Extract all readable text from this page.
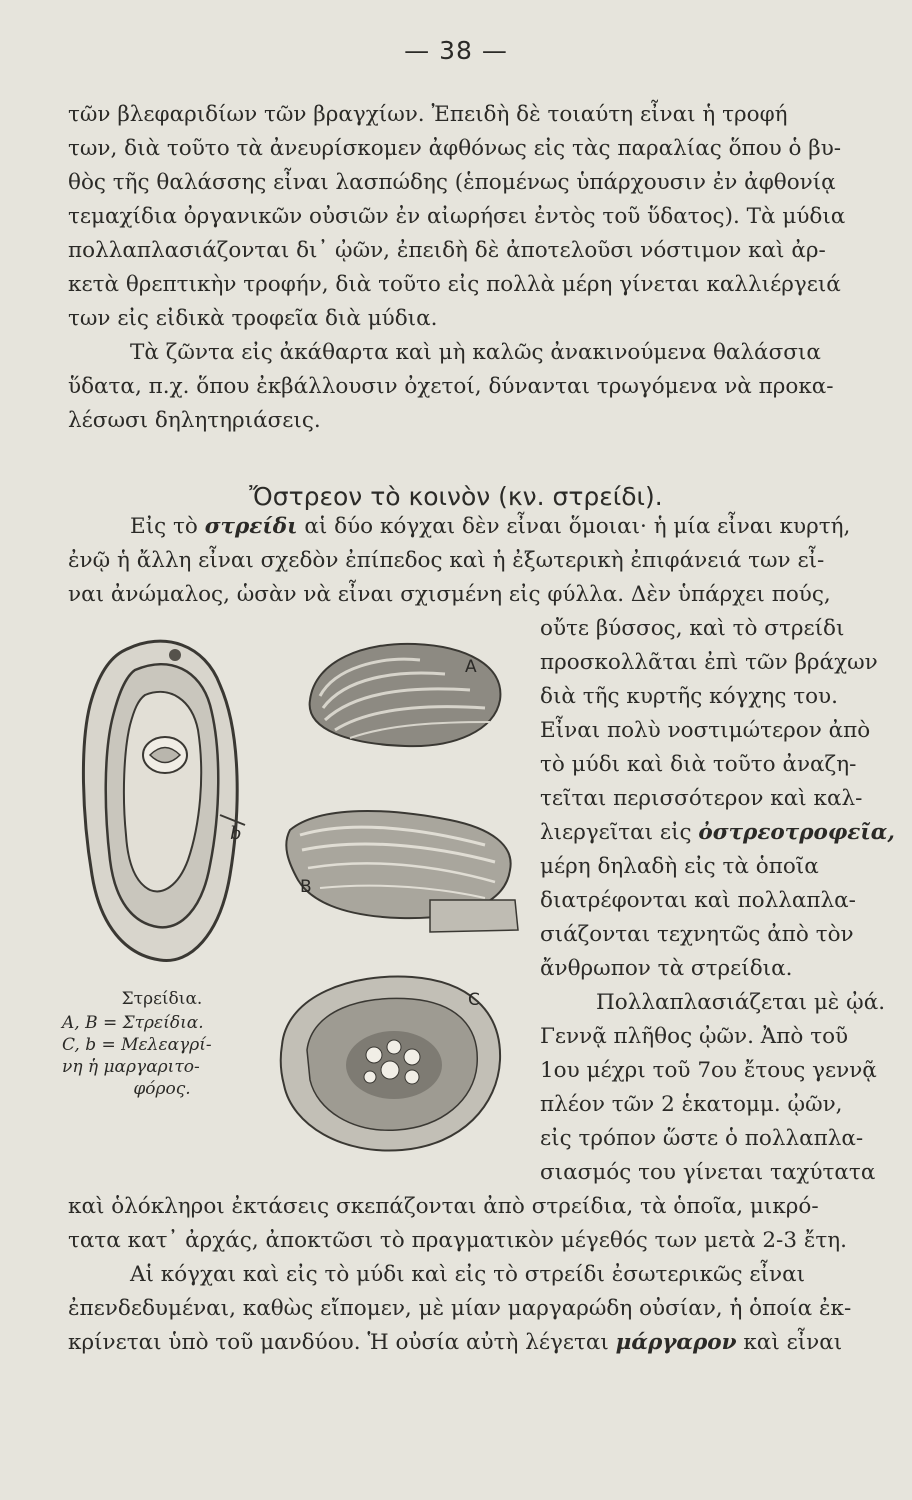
— 38 —
τῶν βλεφαριδίων τῶν βραγχίων. Ἐπειδὴ δὲ τοιαύτη εἶναι ἡ τροφή
των, διὰ τοῦτο τὰ ἀνευρίσκομεν ἀφθόνως εἰς τὰς παραλίας ὅπου ὁ βυ-
θὸς τῆς θαλάσσης εἶναι λασπώδης (ἑπομένως ὑπάρχουσιν ἐν ἀφθονίᾳ
τεμαχίδια ὀργανικῶν οὐσιῶν ἐν αἰωρήσει ἐντὸς τοῦ ὕδατος). Τὰ μύδια
πολλαπλασιάζονται δι᾽ ᾠῶν, ἐπειδὴ δὲ ἀποτελοῦσι νόστιμον καὶ ἀρ-
κετὰ θρεπτικὴν τροφήν, διὰ τοῦτο εἰς πολλὰ μέρη γίνεται καλλιέργειά
των εἰς εἰδικὰ τροφεῖα διὰ μύδια.
Τὰ ζῶντα εἰς ἀκάθαρτα καὶ μὴ καλῶς ἀνακινούμενα θαλάσσια
ὕδατα, π.χ. ὅπου ἐκβάλλουσιν ὀχετοί, δύνανται τρωγόμενα νὰ προκα-
λέσωσι δηλητηριάσεις.
Ὄστρεον τὸ κοινὸν (κν. στρείδι).
Εἰς τὸ στρείδι αἱ δύο κόγχαι δὲν εἶναι ὅμοιαι· ἡ μία εἶναι κυρτή,
ἐνῷ ἡ ἄλλη εἶναι σχεδὸν ἐπίπεδος καὶ ἡ ἐξωτερικὴ ἐπιφάνειά των εἶ-
ναι ἀνώμαλος, ὡσὰν νὰ εἶναι σχισμένη εἰς φύλλα. Δὲν ὑπάρχει πούς,
οὔτε βύσσος, καὶ τὸ στρείδι
προσκολλᾶται ἐπὶ τῶν βράχων
διὰ τῆς κυρτῆς κόγχης του.
Εἶναι πολὺ νοστιμώτερον ἀπὸ
τὸ μύδι καὶ διὰ τοῦτο ἀναζη-
τεῖται περισσότερον καὶ καλ-
λιεργεῖται εἰς ὀστρεοτροφεῖα,
μέρη δηλαδὴ εἰς τὰ ὁποῖα
διατρέφονται καὶ πολλαπλα-
σιάζονται τεχνητῶς ἀπὸ τὸν
ἄνθρωπον τὰ στρείδια.
Πολλαπλασιάζεται μὲ ᾠά.
Γεννᾷ πλῆθος ᾠῶν. Ἀπὸ τοῦ
1ου μέχρι τοῦ 7ου ἔτους γεννᾷ
πλέον τῶν 2 ἑκατομμ. ᾠῶν,
εἰς τρόπον ὥστε ὁ πολλαπλα-
σιασμός του γίνεται ταχύτατα
καὶ ὁλόκληροι ἐκτάσεις σκεπάζονται ἀπὸ στρείδια, τὰ ὁποῖα, μικρό-
τατα κατ᾽ ἀρχάς, ἀποκτῶσι τὸ πραγματικὸν μέγεθός των μετὰ 2-3 ἔτη.
Αἱ κόγχαι καὶ εἰς τὸ μύδι καὶ εἰς τὸ στρείδι ἐσωτερικῶς εἶναι
ἐπενδεδυμέναι, καθὼς εἴπομεν, μὲ μίαν μαργαρώδη οὐσίαν, ἡ ὁποία ἐκ-
κρίνεται ὑπὸ τοῦ μανδύου. Ἡ οὐσία αὐτὴ λέγεται μάργαρον καὶ εἶναι
Στρείδια.
A, B = Στρείδια.
C, b = Μελεαγρί-
νη ἡ μαργαριτο-
φόρος.
b
A
B
C
